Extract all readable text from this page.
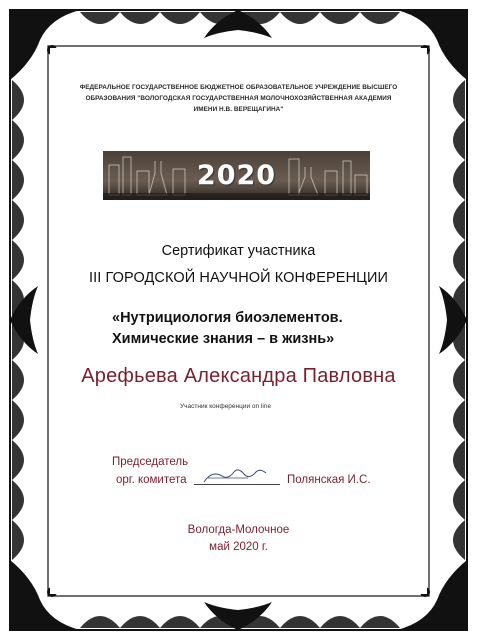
ФЕДЕРАЛЬНОЕ ГОСУДАРСТВЕННОЕ БЮДЖЕТНОЕ ОБРАЗОВАТЕЛЬНОЕ УЧРЕЖДЕНИЕ ВЫСШЕГО
ОБРАЗОВАНИЯ "ВОЛОГОДСКАЯ ГОСУДАРСТВЕННАЯ МОЛОЧНОХОЗЯЙСТВЕННАЯ АКАДЕМИЯ
ИМЕНИ Н.В. ВЕРЕЩАГИНА"
2020
Сертификат участника
III ГОРОДСКОЙ НАУЧНОЙ КОНФЕРЕНЦИИ
«Нутрициология биоэлементов.
Химические знания – в жизнь»
Арефьева Александра Павловна
Участник конференции on line
Председатель
орг. комитета	Полянская И.С.
Вологда-Молочное
май 2020 г.
